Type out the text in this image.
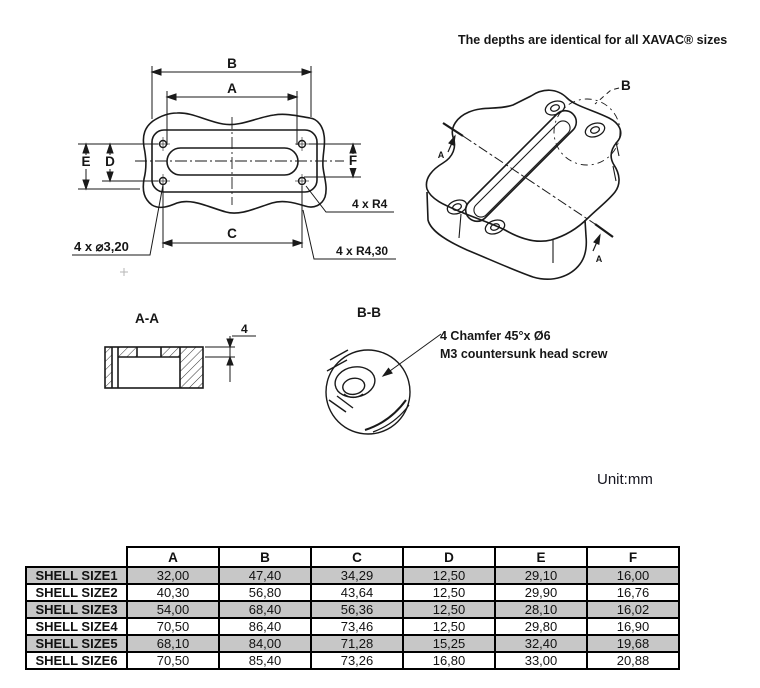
The depths are identical for all XAVAC® sizes
B
A
C
E D	F
4 x R4
4 x R4,30
4 x ⌀3,20
A
A
B
A-A
4
B-B
4 Chamfer 45°x Ø6
M3 countersunk head screw
Unit:mm
	A	B	C	D	E	F
SHELL SIZE1	32,00	47,40	34,29	12,50	29,10	16,00
SHELL SIZE2	40,30	56,80	43,64	12,50	29,90	16,76
SHELL SIZE3	54,00	68,40	56,36	12,50	28,10	16,02
SHELL SIZE4	70,50	86,40	73,46	12,50	29,80	16,90
SHELL SIZE5	68,10	84,00	71,28	15,25	32,40	19,68
SHELL SIZE6	70,50	85,40	73,26	16,80	33,00	20,88
